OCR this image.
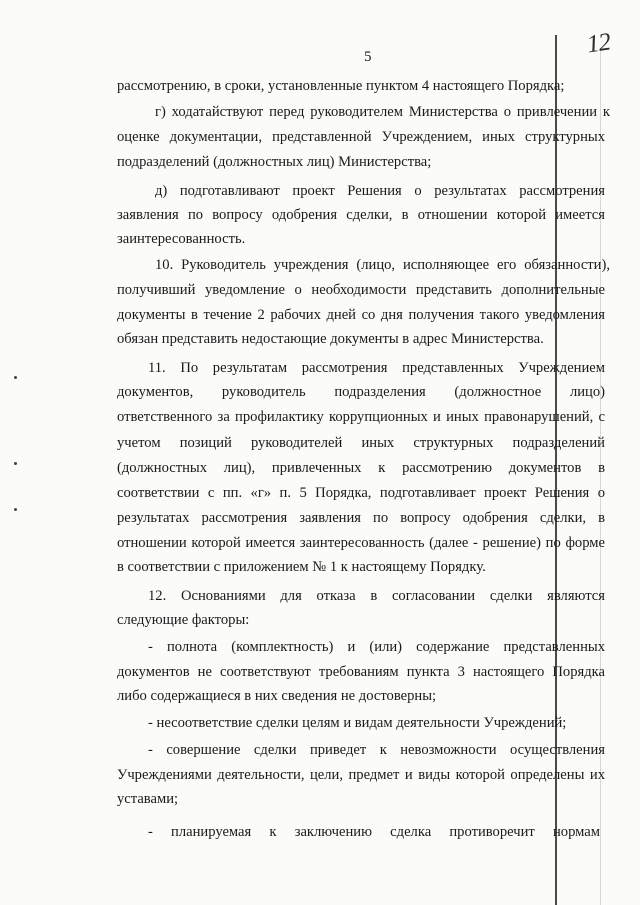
5	12
рассмотрению, в сроки, установленные пунктом 4 настоящего Порядка;
г) ходатайствуют перед руководителем Министерства о привлечении к
оценке документации, представленной Учреждением, иных структурных
подразделений (должностных лиц) Министерства;
д) подготавливают проект Решения о результатах рассмотрения
заявления по вопросу одобрения сделки, в отношении которой имеется
заинтересованность.
10. Руководитель учреждения (лицо, исполняющее его обязанности),
получивший уведомление о необходимости представить дополнительные
документы в течение 2 рабочих дней со дня получения такого уведомления
обязан представить недостающие документы в адрес Министерства.
11. По результатам рассмотрения представленных Учреждением
документов, руководитель подразделения (должностное лицо)
ответственного за профилактику коррупционных и иных правонарушений, с
учетом позиций руководителей иных структурных подразделений
(должностных лиц), привлеченных к рассмотрению документов в
соответствии с пп. «г» п. 5 Порядка, подготавливает проект Решения о
результатах рассмотрения заявления по вопросу одобрения сделки, в
отношении которой имеется заинтересованность (далее - решение) по форме
в соответствии с приложением № 1 к настоящему Порядку.
12. Основаниями для отказа в согласовании сделки являются
следующие факторы:
- полнота (комплектность) и (или) содержание представленных
документов не соответствуют требованиям пункта 3 настоящего Порядка
либо содержащиеся в них сведения не достоверны;
- несоответствие сделки целям и видам деятельности Учреждений;
- совершение сделки приведет к невозможности осуществления
Учреждениями деятельности, цели, предмет и виды которой определены их
уставами;
- планируемая к заключению сделка противоречит нормам
